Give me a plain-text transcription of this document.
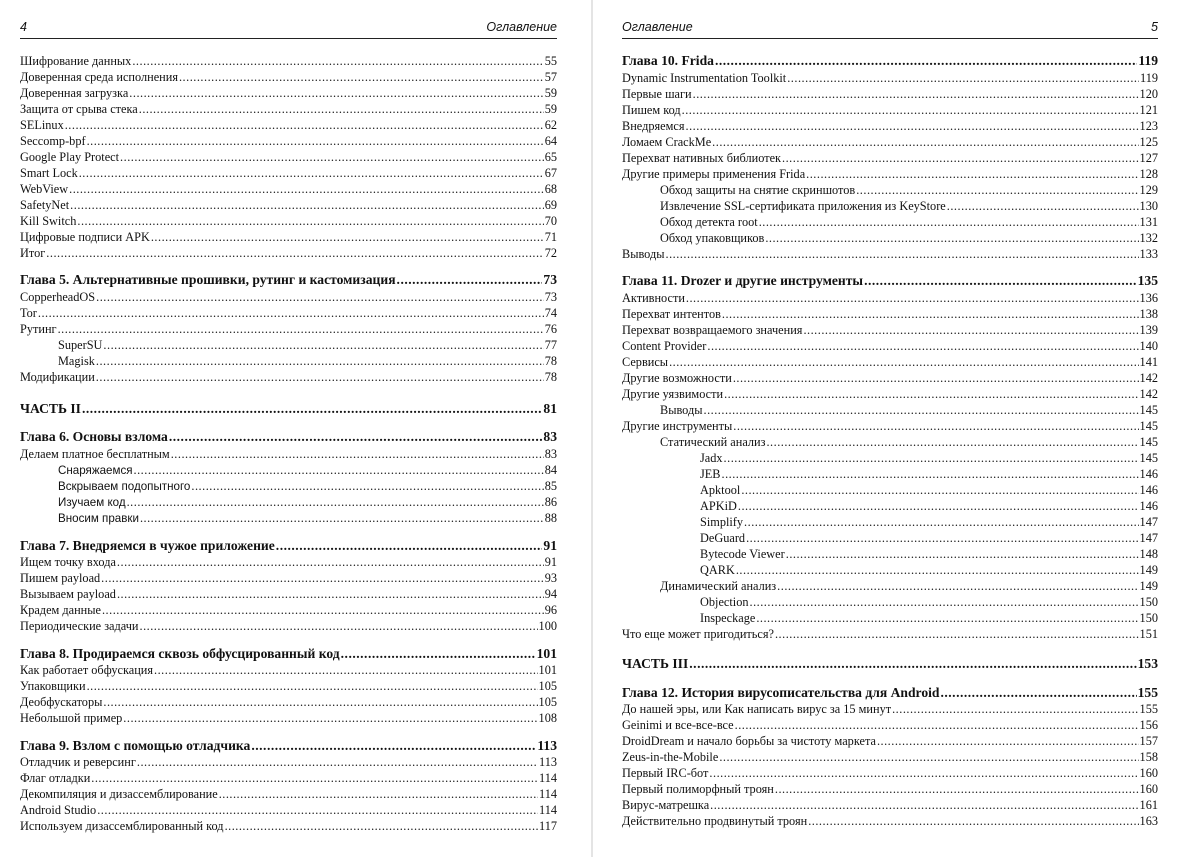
4	Оглавление
Шифрование данных .....	55
Доверенная среда исполнения .....	57
Доверенная загрузка .....	59
Защита от срыва стека .....	59
SELinux .....	62
Seccomp-bpf .....	64
Google Play Protect .....	65
Smart Lock .....	67
WebView .....	68
SafetyNet .....	69
Kill Switch .....	70
Цифровые подписи APK .....	71
Итог .....	72
Глава 5. Альтернативные прошивки, рутинг и кастомизация .....	73
CopperheadOS .....	73
Tor .....	74
Рутинг .....	76
SuperSU .....	77
Magisk .....	78
Модификации .....	78
ЧАСТЬ II .....	81
Глава 6. Основы взлома .....	83
Делаем платное бесплатным .....	83
Снаряжаемся .....	84
Вскрываем подопытного .....	85
Изучаем код .....	86
Вносим правки .....	88
Глава 7. Внедряемся в чужое приложение .....	91
Ищем точку входа .....	91
Пишем payload .....	93
Вызываем payload .....	94
Крадем данные .....	96
Периодические задачи .....	100
Глава 8. Продираемся сквозь обфусцированный код .....	101
Как работает обфускация .....	101
Упаковщики .....	105
Деобфускаторы .....	105
Небольшой пример .....	108
Глава 9. Взлом с помощью отладчика .....	113
Отладчик и реверсинг .....	113
Флаг отладки .....	114
Декомпиляция и дизассемблирование .....	114
Android Studio .....	114
Используем дизассемблированный код .....	117
Оглавление	5
Глава 10. Frida .....	119
Dynamic Instrumentation Toolkit .....	119
Первые шаги .....	120
Пишем код .....	121
Внедряемся .....	123
Ломаем CrackMe .....	125
Перехват нативных библиотек .....	127
Другие примеры применения Frida .....	128
Обход защиты на снятие скриншотов .....	129
Извлечение SSL-сертификата приложения из KeyStore .....	130
Обход детекта root .....	131
Обход упаковщиков .....	132
Выводы .....	133
Глава 11. Drozer и другие инструменты .....	135
Активности .....	136
Перехват интентов .....	138
Перехват возвращаемого значения .....	139
Content Provider .....	140
Сервисы .....	141
Другие возможности .....	142
Другие уязвимости .....	142
Выводы .....	145
Другие инструменты .....	145
Статический анализ .....	145
Jadx .....	145
JEB .....	146
Apktool .....	146
APKiD .....	146
Simplify .....	147
DeGuard .....	147
Bytecode Viewer .....	148
QARK .....	149
Динамический анализ .....	149
Objection .....	150
Inspeckage .....	150
Что еще может пригодиться? .....	151
ЧАСТЬ III .....	153
Глава 12. История вирусописательства для Android .....	155
До нашей эры, или Как написать вирус за 15 минут .....	155
Geinimi и все-все-все .....	156
DroidDream и начало борьбы за чистоту маркета .....	157
Zeus-in-the-Mobile .....	158
Первый IRC-бот .....	160
Первый полиморфный троян .....	160
Вирус-матрешка .....	161
Действительно продвинутый троян .....	163
